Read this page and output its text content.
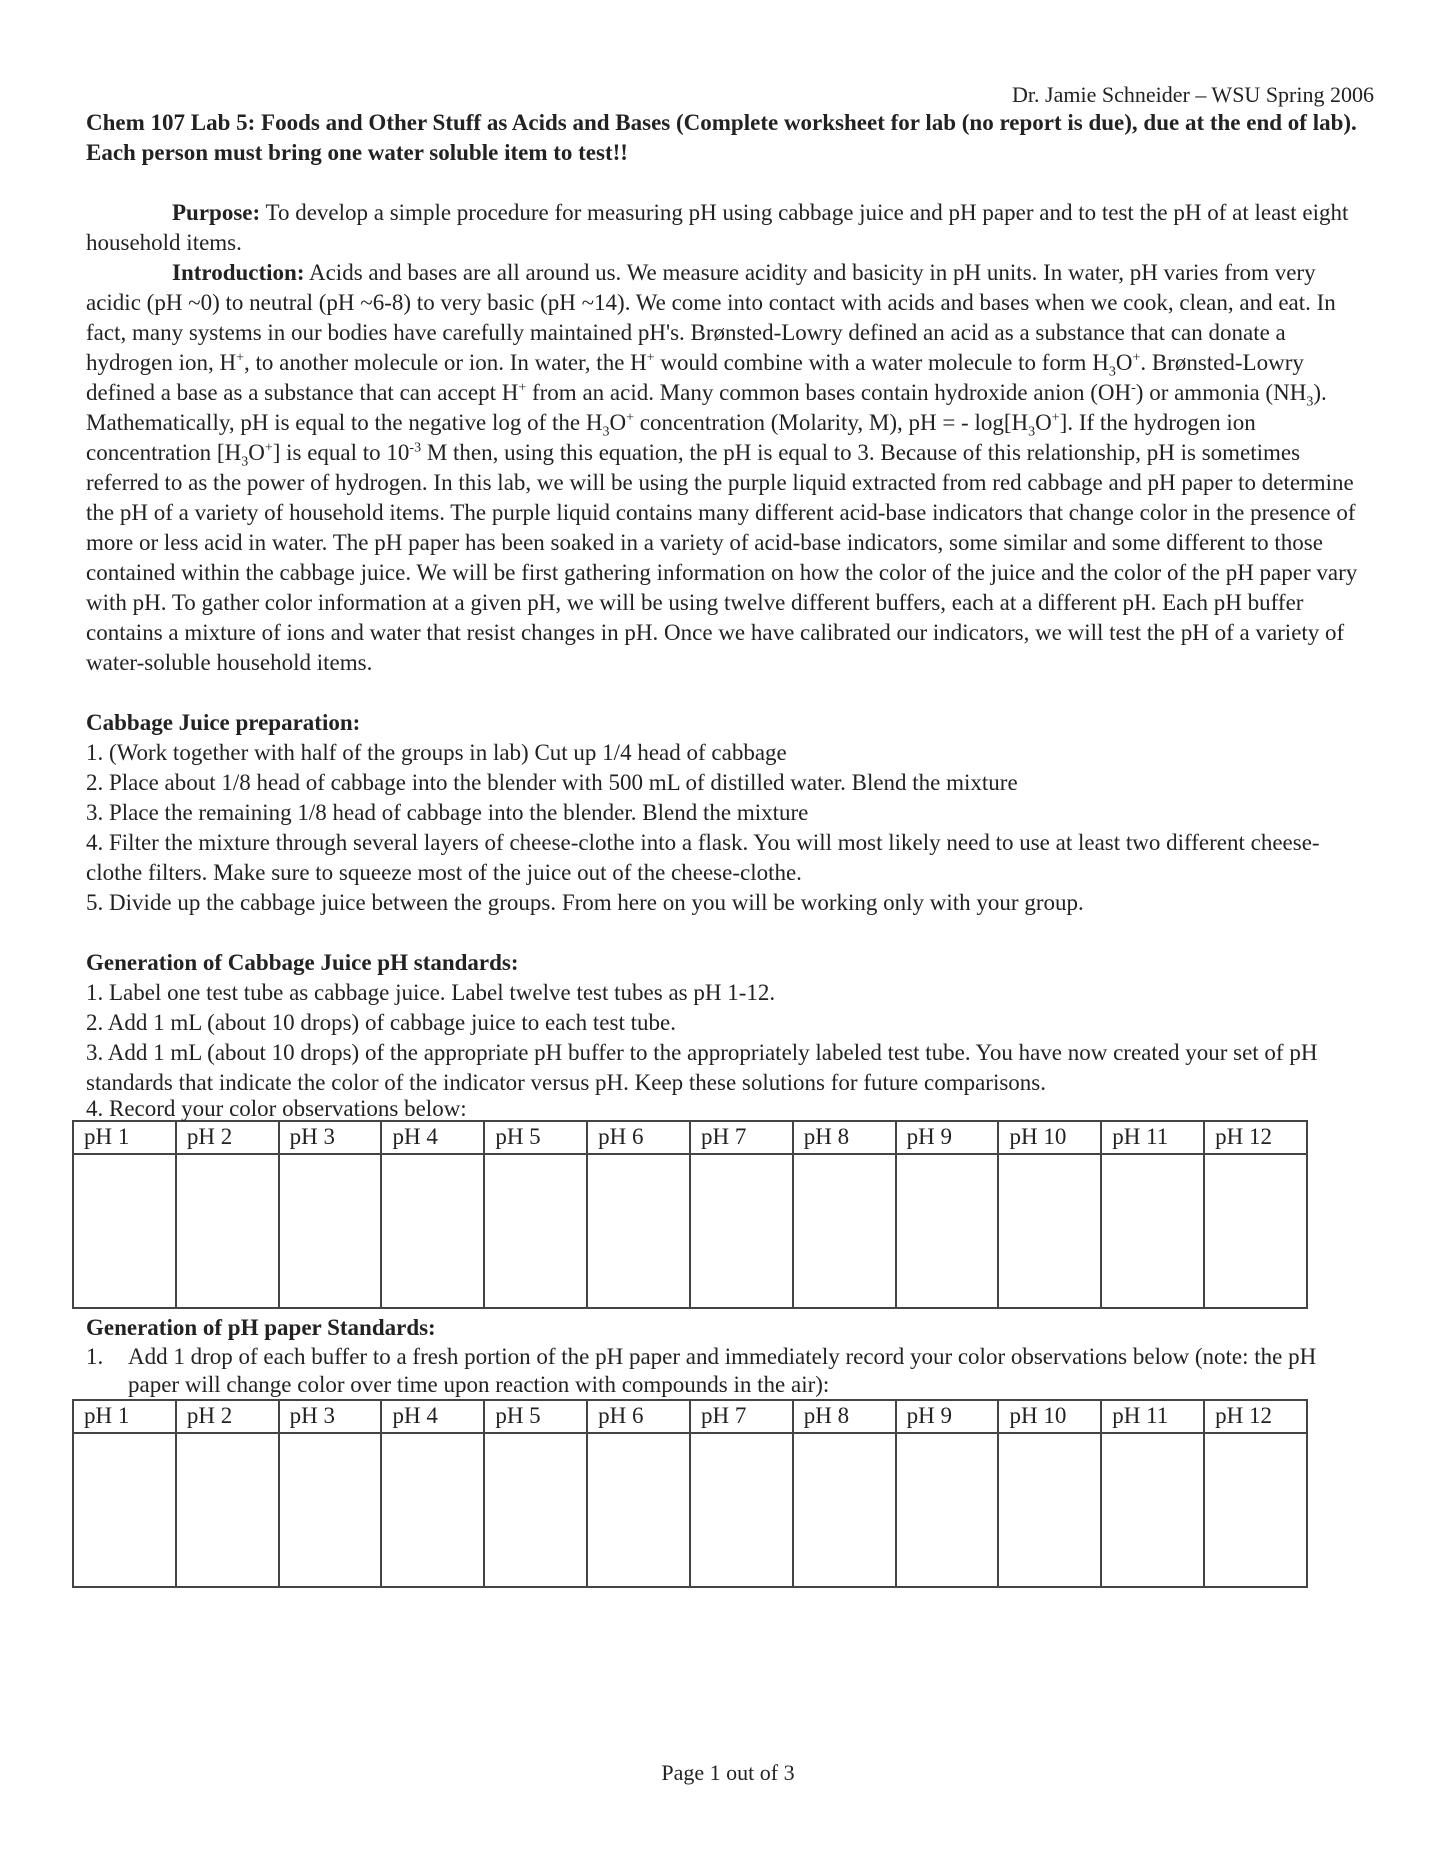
Dr. Jamie Schneider – WSU Spring 2006
Chem 107 Lab 5: Foods and Other Stuff as Acids and Bases (Complete worksheet for lab (no report is due), due at the end of lab). Each person must bring one water soluble item to test!!

Purpose: To develop a simple procedure for measuring pH using cabbage juice and pH paper and to test the pH of at least eight household items.

Introduction: Acids and bases are all around us. We measure acidity and basicity in pH units. In water, pH varies from very acidic (pH ~0) to neutral (pH ~6-8) to very basic (pH ~14). We come into contact with acids and bases when we cook, clean, and eat. In fact, many systems in our bodies have carefully maintained pH's. Brønsted-Lowry defined an acid as a substance that can donate a hydrogen ion, H+, to another molecule or ion. In water, the H+ would combine with a water molecule to form $H_3O^+$. Brønsted-Lowry defined a base as a substance that can accept H+ from an acid. Many common bases contain hydroxide anion (OH-) or ammonia $(NH_3)$. Mathematically, pH is equal to the negative log of the $H_3O^+$ concentration (Molarity, M), pH = - $\log[H_3O^+]$. If the hydrogen ion concentration $[H_3O^+]$ is equal to $10^{-3}$ M then, using this equation, the pH is equal to 3. Because of this relationship, pH is sometimes referred to as the power of hydrogen. In this lab, we will be using the purple liquid extracted from red cabbage and pH paper to determine the pH of a variety of household items. The purple liquid contains many different acid-base indicators that change color in the presence of more or less acid in water. The pH paper has been soaked in a variety of acid-base indicators, some similar and some different to those contained within the cabbage juice. We will be first gathering information on how the color of the juice and the color of the pH paper vary with pH. To gather color information at a given pH, we will be using twelve different buffers, each at a different pH. Each pH buffer contains a mixture of ions and water that resist changes in pH. Once we have calibrated our indicators, we will test the pH of a variety of water-soluble household items.

Cabbage Juice preparation:

1. (Work together with half of the groups in lab) Cut up 1/4 head of cabbage

2. Place about 1/8 head of cabbage into the blender with 500 mL of distilled water. Blend the mixture

3. Place the remaining 1/8 head of cabbage into the blender. Blend the mixture

4. Filter the mixture through several layers of cheese-clothe into a flask. You will most likely need to use at least two different cheese-clothe filters. Make sure to squeeze most of the juice out of the cheese-clothe.

5. Divide up the cabbage juice between the groups. From here on you will be working only with your group.

Generation of Cabbage Juice pH standards:

1. Label one test tube as cabbage juice. Label twelve test tubes as pH 1-12.

2. Add 1 mL (about 10 drops) of cabbage juice to each test tube.

3. Add 1 mL (about 10 drops) of the appropriate pH buffer to the appropriately labeled test tube. You have now created your set of pH standards that indicate the color of the indicator versus pH. Keep these solutions for future comparisons.

4. Record your color observations below:

pH 1	pH 2	pH 3	pH 4	pH 5	pH 6	pH 7	pH 8	pH 9	pH 10	pH 11	pH 12

Generation of pH paper Standards:

1. Add 1 drop of each buffer to a fresh portion of the pH paper and immediately record your color observations below (note: the pH paper will change color over time upon reaction with compounds in the air):

pH 1	pH 2	pH 3	pH 4	pH 5	pH 6	pH 7	pH 8	pH 9	pH 10	pH 11	pH 12

Page 1 out of 3
